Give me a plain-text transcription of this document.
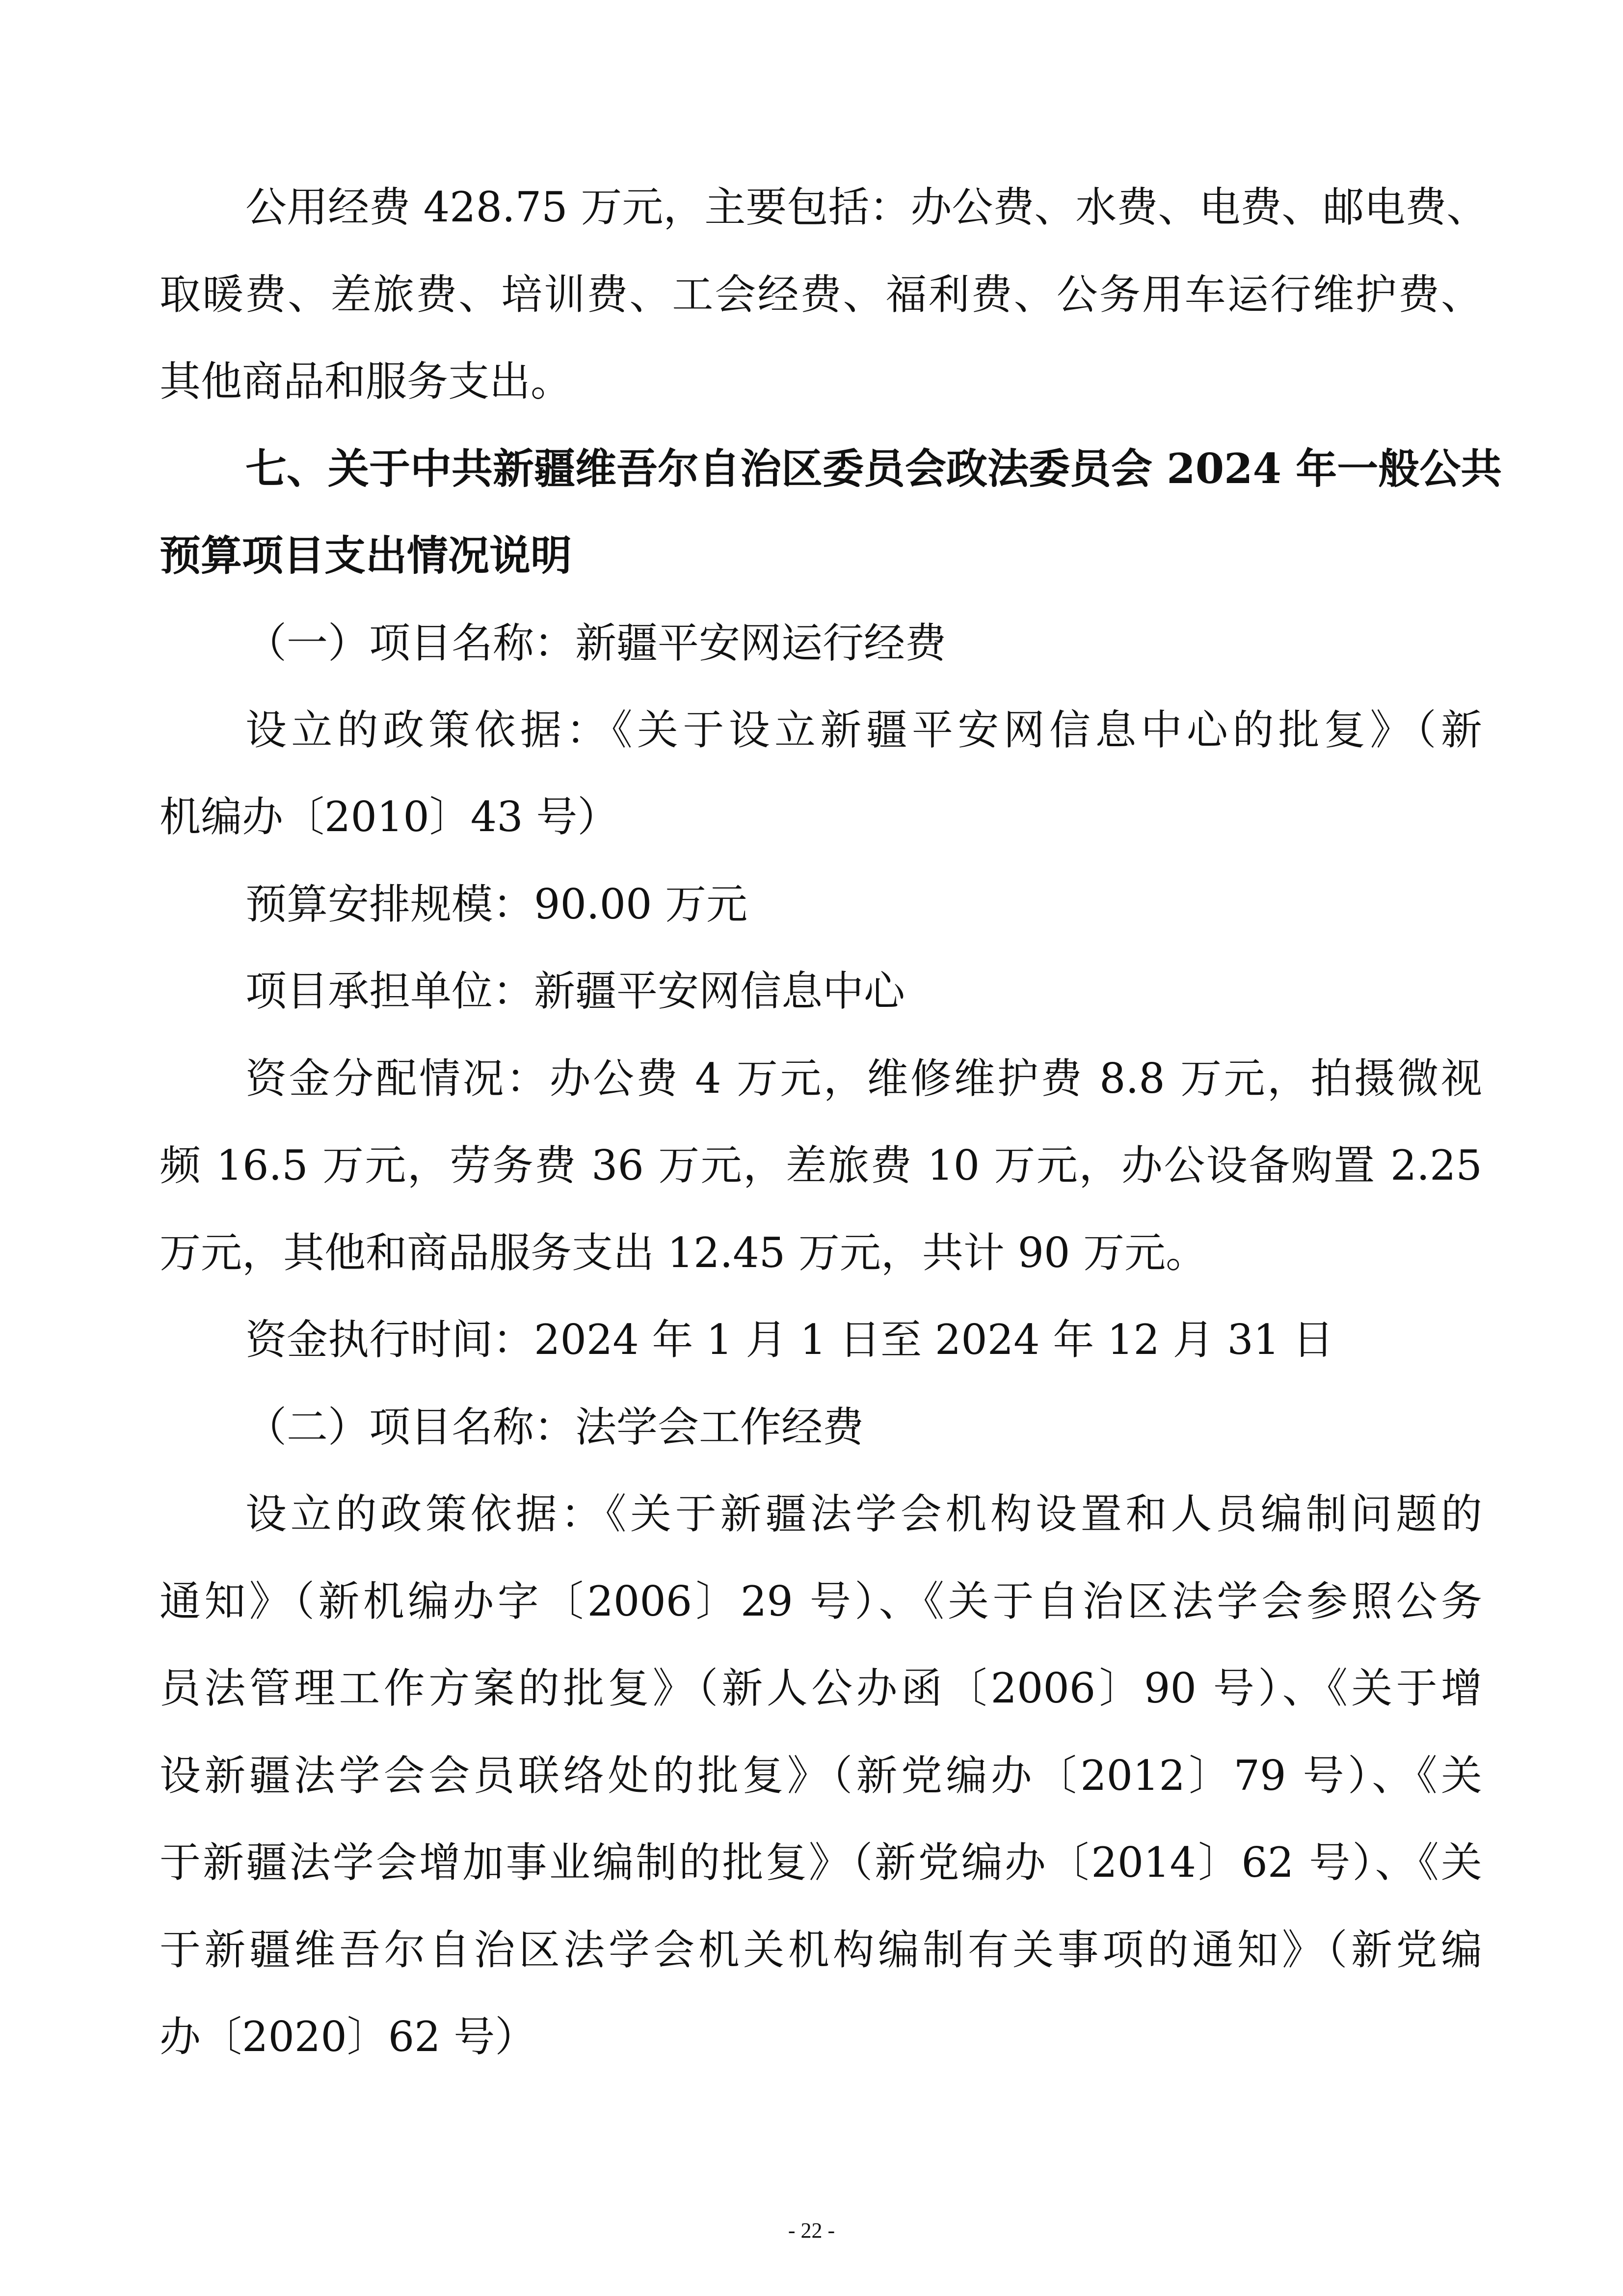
公用经费 428.75 万元，主要包括：办公费、水费、电费、邮电费、

取暖费、差旅费、培训费、工会经费、福利费、公务用车运行维护费、

其他商品和服务支出。

七、关于中共新疆维吾尔自治区委员会政法委员会 2024 年一般公共

预算项目支出情况说明

（一）项目名称：新疆平安网运行经费

设立的政策依据：《关于设立新疆平安网信息中心的批复》（新

机编办〔2010〕43 号）

预算安排规模：90.00 万元

项目承担单位：新疆平安网信息中心

资金分配情况：办公费 4 万元，维修维护费 8.8 万元，拍摄微视

频 16.5 万元，劳务费 36 万元，差旅费 10 万元，办公设备购置 2.25

万元，其他和商品服务支出 12.45 万元，共计 90 万元。

资金执行时间：2024 年 1 月 1 日至 2024 年 12 月 31 日

（二）项目名称：法学会工作经费

设立的政策依据：《关于新疆法学会机构设置和人员编制问题的

通知》（新机编办字〔2006〕29 号）、《关于自治区法学会参照公务

员法管理工作方案的批复》（新人公办函〔2006〕90 号）、《关于增

设新疆法学会会员联络处的批复》（新党编办〔2012〕79 号）、《关

于新疆法学会增加事业编制的批复》（新党编办〔2014〕62 号）、《关

于新疆维吾尔自治区法学会机关机构编制有关事项的通知》（新党编

办〔2020〕62 号）

- 22 -
